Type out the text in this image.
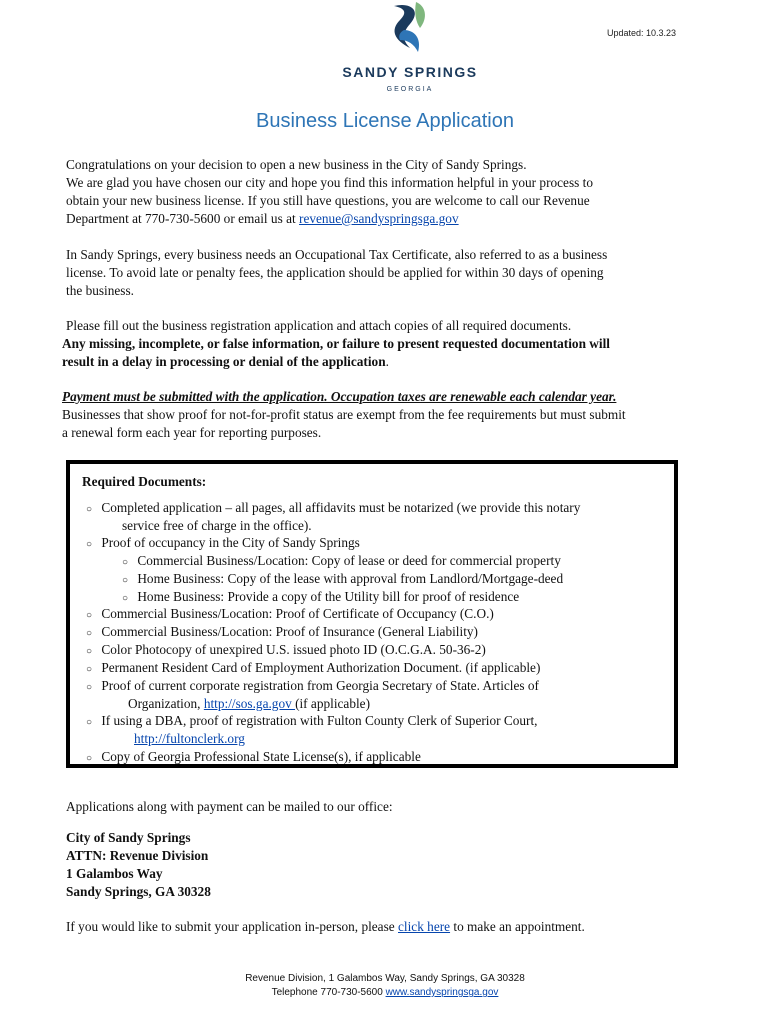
SANDY SPRINGS
GEORGIA
Updated: 10.3.23
Business License Application
Congratulations on your decision to open a new business in the City of Sandy Springs.
We are glad you have chosen our city and hope you find this information helpful in your process to
obtain your new business license. If you still have questions, you are welcome to call our Revenue
Department at 770-730-5600 or email us at revenue@sandyspringsga.gov
In Sandy Springs, every business needs an Occupational Tax Certificate, also referred to as a business
license. To avoid late or penalty fees, the application should be applied for within 30 days of opening
the business.
Please fill out the business registration application and attach copies of all required documents.
Any missing, incomplete, or false information, or failure to present requested documentation will
result in a delay in processing or denial of the application.
Payment must be submitted with the application. Occupation taxes are renewable each calendar year.
Businesses that show proof for not-for-profit status are exempt from the fee requirements but must submit
a renewal form each year for reporting purposes.
Required Documents:
○ Completed application – all pages, all affidavits must be notarized (we provide this notary
service free of charge in the office).
○ Proof of occupancy in the City of Sandy Springs
○ Commercial Business/Location: Copy of lease or deed for commercial property
○ Home Business: Copy of the lease with approval from Landlord/Mortgage-deed
○ Home Business: Provide a copy of the Utility bill for proof of residence
○ Commercial Business/Location: Proof of Certificate of Occupancy (C.O.)
○ Commercial Business/Location: Proof of Insurance (General Liability)
○ Color Photocopy of unexpired U.S. issued photo ID (O.C.G.A. 50-36-2)
○ Permanent Resident Card of Employment Authorization Document. (if applicable)
○ Proof of current corporate registration from Georgia Secretary of State. Articles of
Organization, http://sos.ga.gov (if applicable)
○ If using a DBA, proof of registration with Fulton County Clerk of Superior Court,
http://fultonclerk.org
○ Copy of Georgia Professional State License(s), if applicable
Applications along with payment can be mailed to our office:
City of Sandy Springs
ATTN: Revenue Division
1 Galambos Way
Sandy Springs, GA 30328
If you would like to submit your application in-person, please click here to make an appointment.
Revenue Division, 1 Galambos Way, Sandy Springs, GA 30328
Telephone 770-730-5600 www.sandyspringsga.gov
